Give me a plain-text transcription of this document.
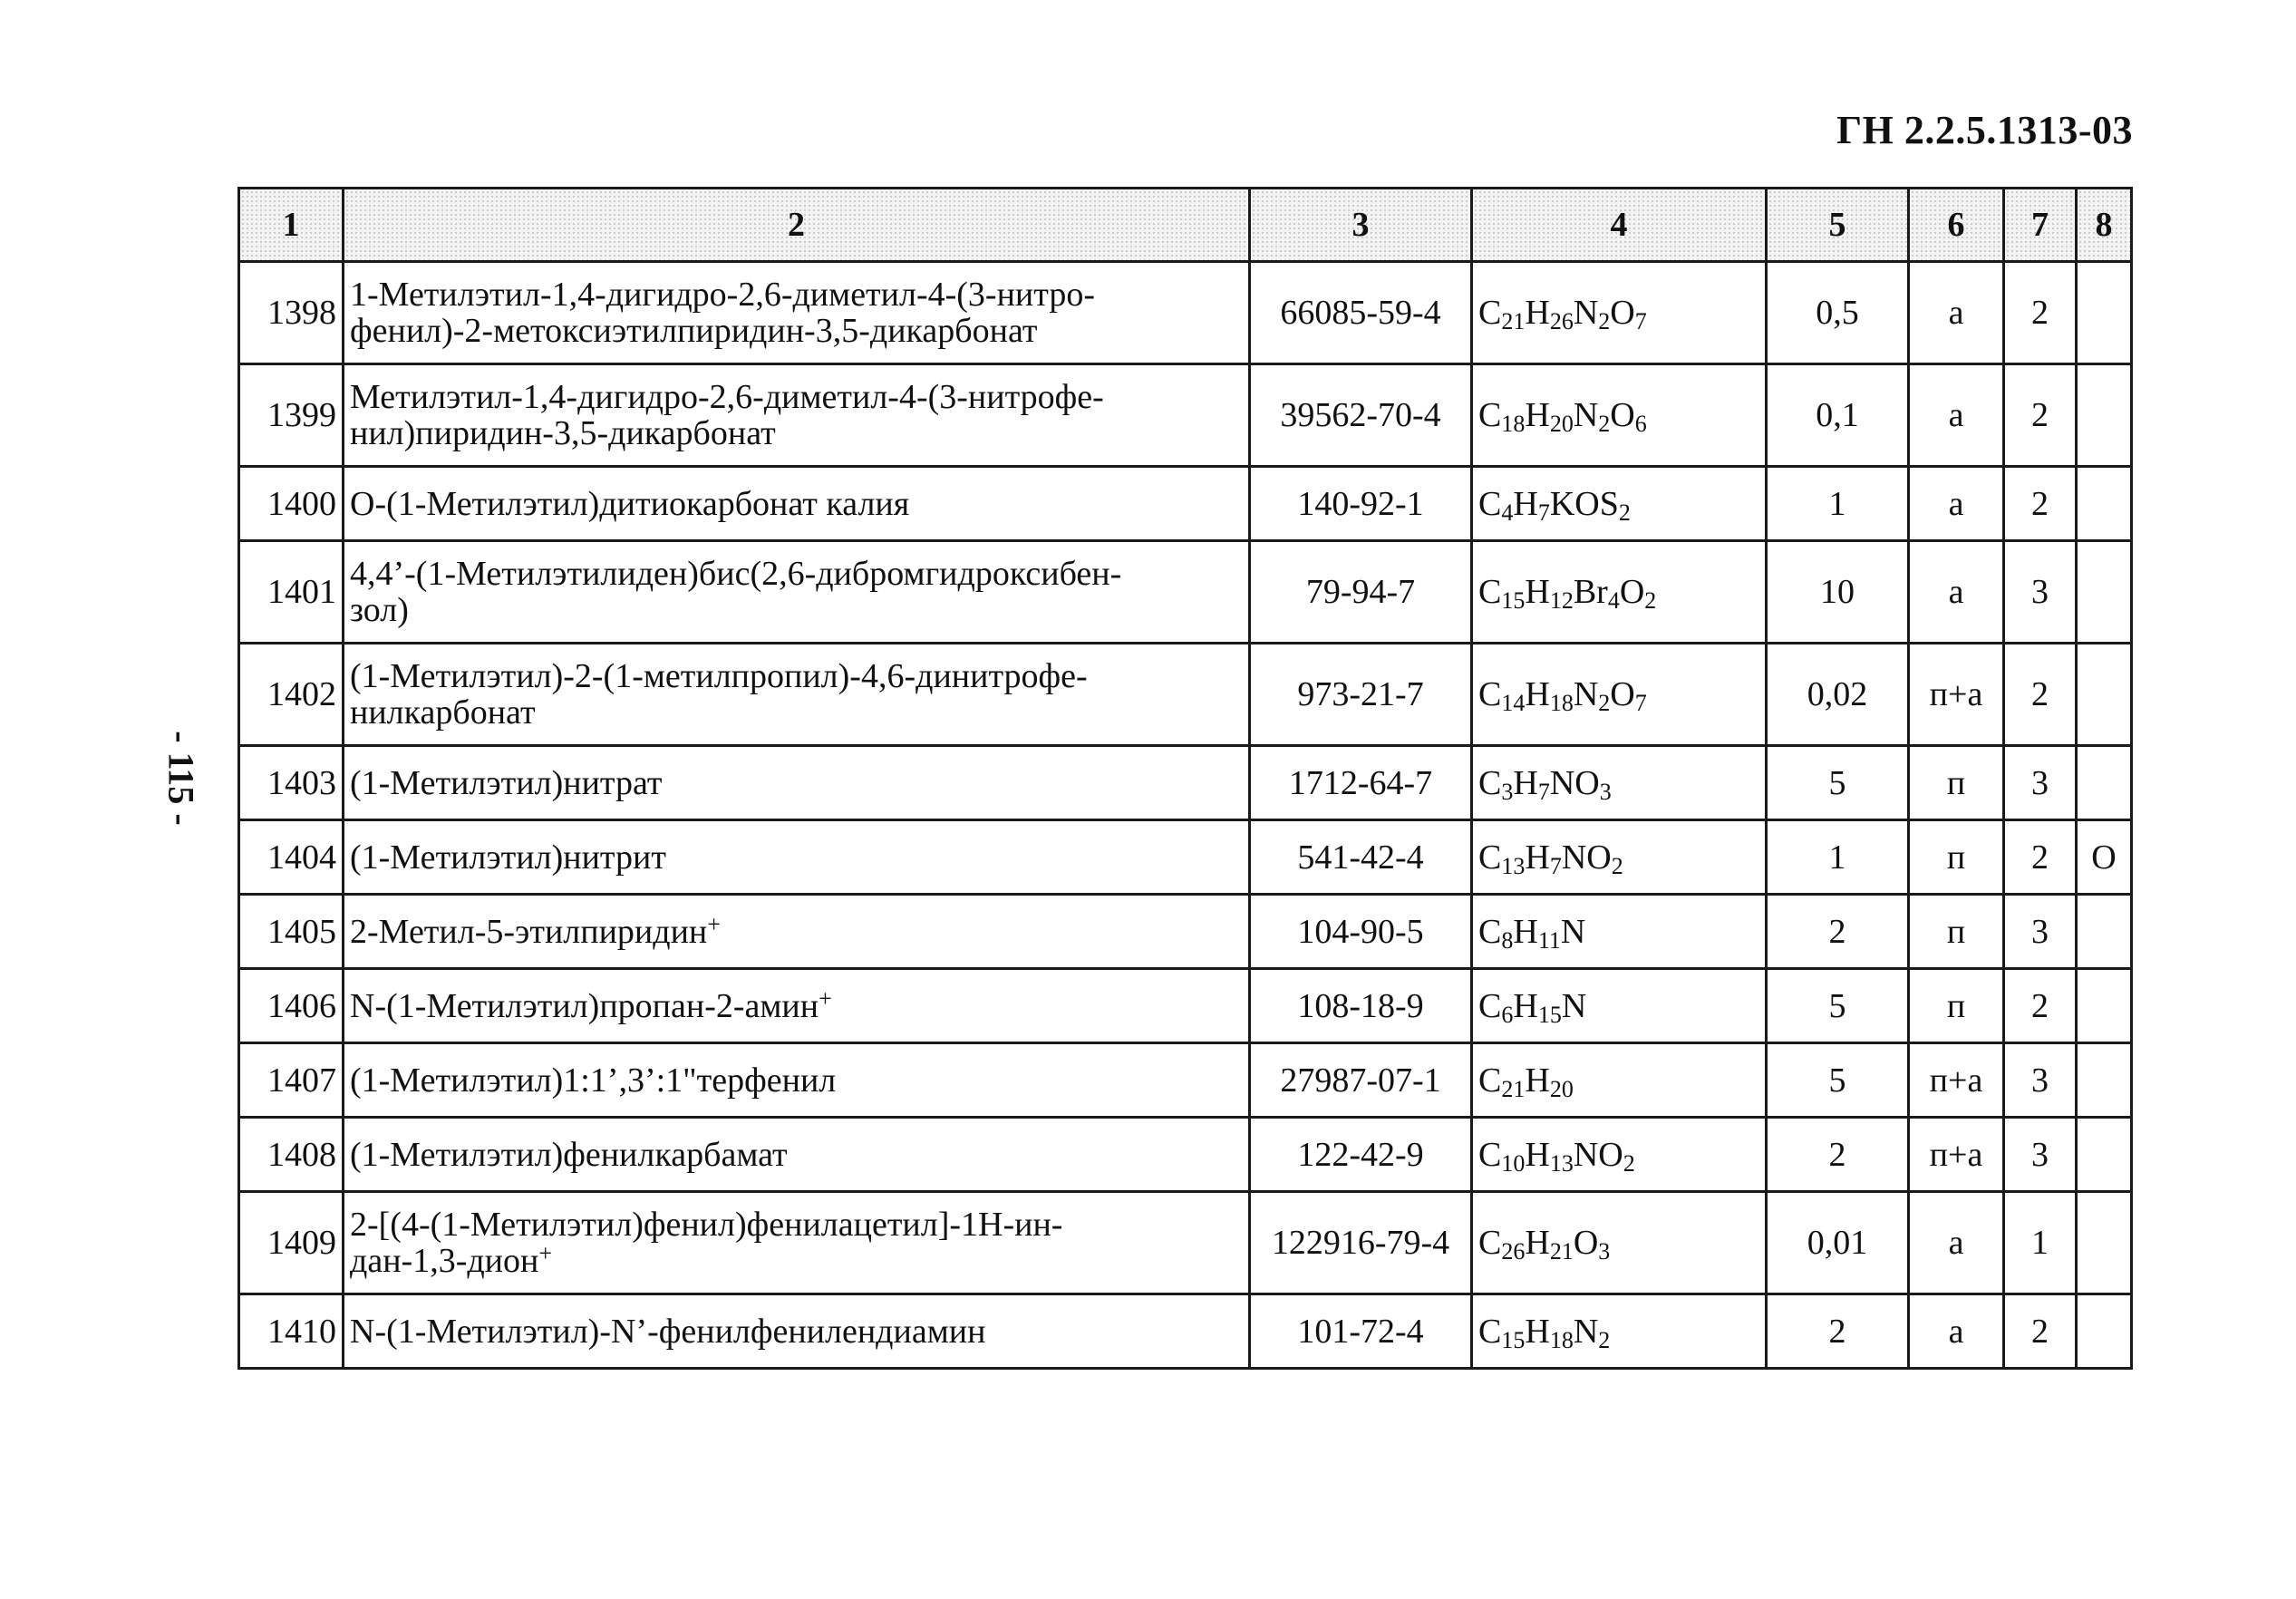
ГН 2.2.5.1313-03
- 115 -
1	2	3	4	5	6	7	8
1398	1-Метилэтил-1,4-дигидро-2,6-диметил-4-(3-нитро-
фенил)-2-метоксиэтилпиридин-3,5-дикарбонат	66085-59-4	$C_{21}H_{26}N_2O_7$	0,5	а	2	
1399	Метилэтил-1,4-дигидро-2,6-диметил-4-(3-нитрофе-
нил)пиридин-3,5-дикарбонат	39562-70-4	$C_{18}H_{20}N_2O_6$	0,1	а	2	
1400	О-(1-Метилэтил)дитиокарбонат калия	140-92-1	$C_4H_7KOS_2$	1	а	2	
1401	4,4’-(1-Метилэтилиден)бис(2,6-дибромгидроксибен-
зол)	79-94-7	$C_{15}H_{12}Br_4O_2$	10	а	3	
1402	(1-Метилэтил)-2-(1-метилпропил)-4,6-динитрофе-
нилкарбонат	973-21-7	$C_{14}H_{18}N_2O_7$	0,02	п+а	2	
1403	(1-Метилэтил)нитрат	1712-64-7	$C_3H_7NO_3$	5	п	3	
1404	(1-Метилэтил)нитрит	541-42-4	$C_{13}H_7NO_2$	1	п	2	О
1405	2-Метил-5-этилпиридин+	104-90-5	$C_8H_{11}N$	2	п	3	
1406	N-(1-Метилэтил)пропан-2-амин+	108-18-9	$C_6H_{15}N$	5	п	2	
1407	(1-Метилэтил)1:1’,3’:1"терфенил	27987-07-1	$C_{21}H_{20}$	5	п+а	3	
1408	(1-Метилэтил)фенилкарбамат	122-42-9	$C_{10}H_{13}NO_2$	2	п+а	3	
1409	2-[(4-(1-Метилэтил)фенил)фенилацетил]-1Н-ин-
дан-1,3-дион+	122916-79-4	$C_{26}H_{21}O_3$	0,01	а	1	
1410	N-(1-Метилэтил)-N’-фенилфенилендиамин	101-72-4	$C_{15}H_{18}N_2$	2	а	2	
